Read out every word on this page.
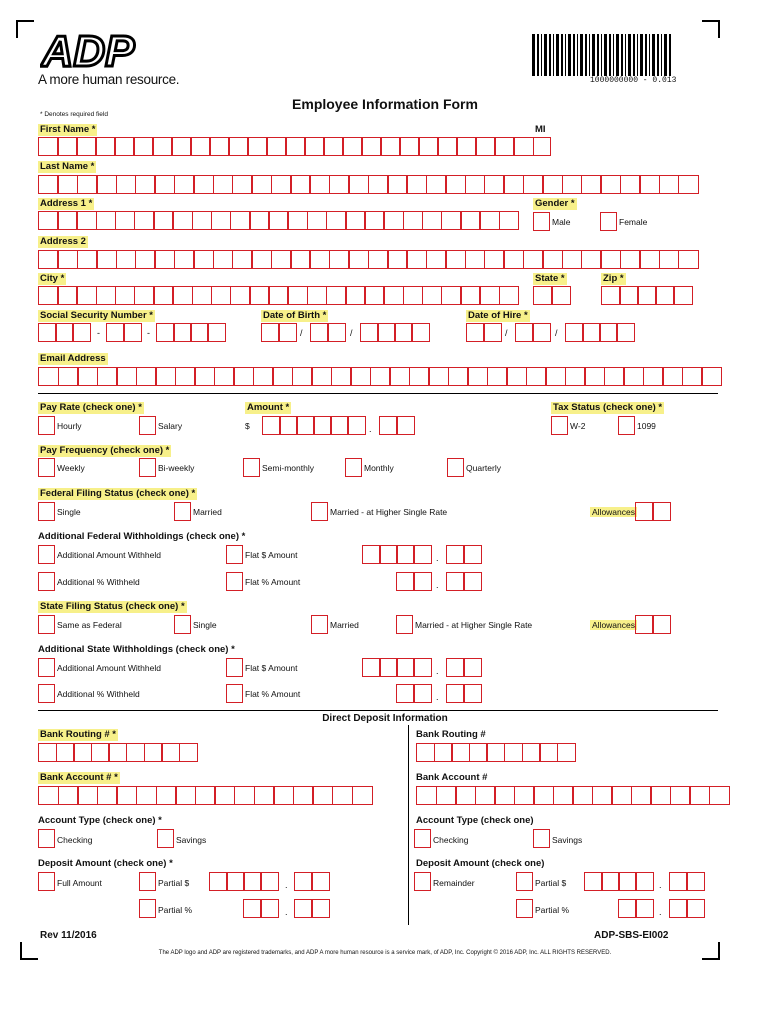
ADP
A more human resource.	1000000000 - 0.013
Employee Information Form
* Denotes required field
First Name *	MI
Last Name *
Address 1 *	Gender *
Male	Female
Address 2
City *	State *	Zip *
Social Security Number *
-	-
Date of Birth *
/	/
Date of Hire *
/	/
Email Address
Pay Rate (check one) *
Hourly	Salary
Amount *
$	.
Tax Status (check one) *
W-2	1099
Pay Frequency (check one) *
Weekly	Bi-weekly	Semi-monthly	Monthly	Quarterly
Federal Filing Status (check one) *
Single	Married	Married - at Higher Single Rate	Allowances
Additional Federal Withholdings (check one) *
Additional Amount Withheld	Flat $ Amount	.
Additional % Withheld	Flat % Amount	.
State Filing Status (check one) *
Same as Federal	Single	Married	Married - at Higher Single Rate	Allowances
Additional State Withholdings (check one) *
Additional Amount Withheld	Flat $ Amount	.
Additional % Withheld	Flat % Amount	.
Direct Deposit Information
Bank Routing # *	Bank Routing #
Bank Account # *	Bank Account #
Account Type (check one) *
Checking	Savings
Account Type (check one)
Checking	Savings
Deposit Amount (check one) *
Full Amount	Partial $	.
Partial %	.
Deposit Amount (check one)
Remainder	Partial $	.
Partial %	.
Rev 11/2016	ADP-SBS-EI002
The ADP logo and ADP are registered trademarks, and ADP A more human resource is a service mark, of ADP, Inc. Copyright © 2016 ADP, Inc. ALL RIGHTS RESERVED.
